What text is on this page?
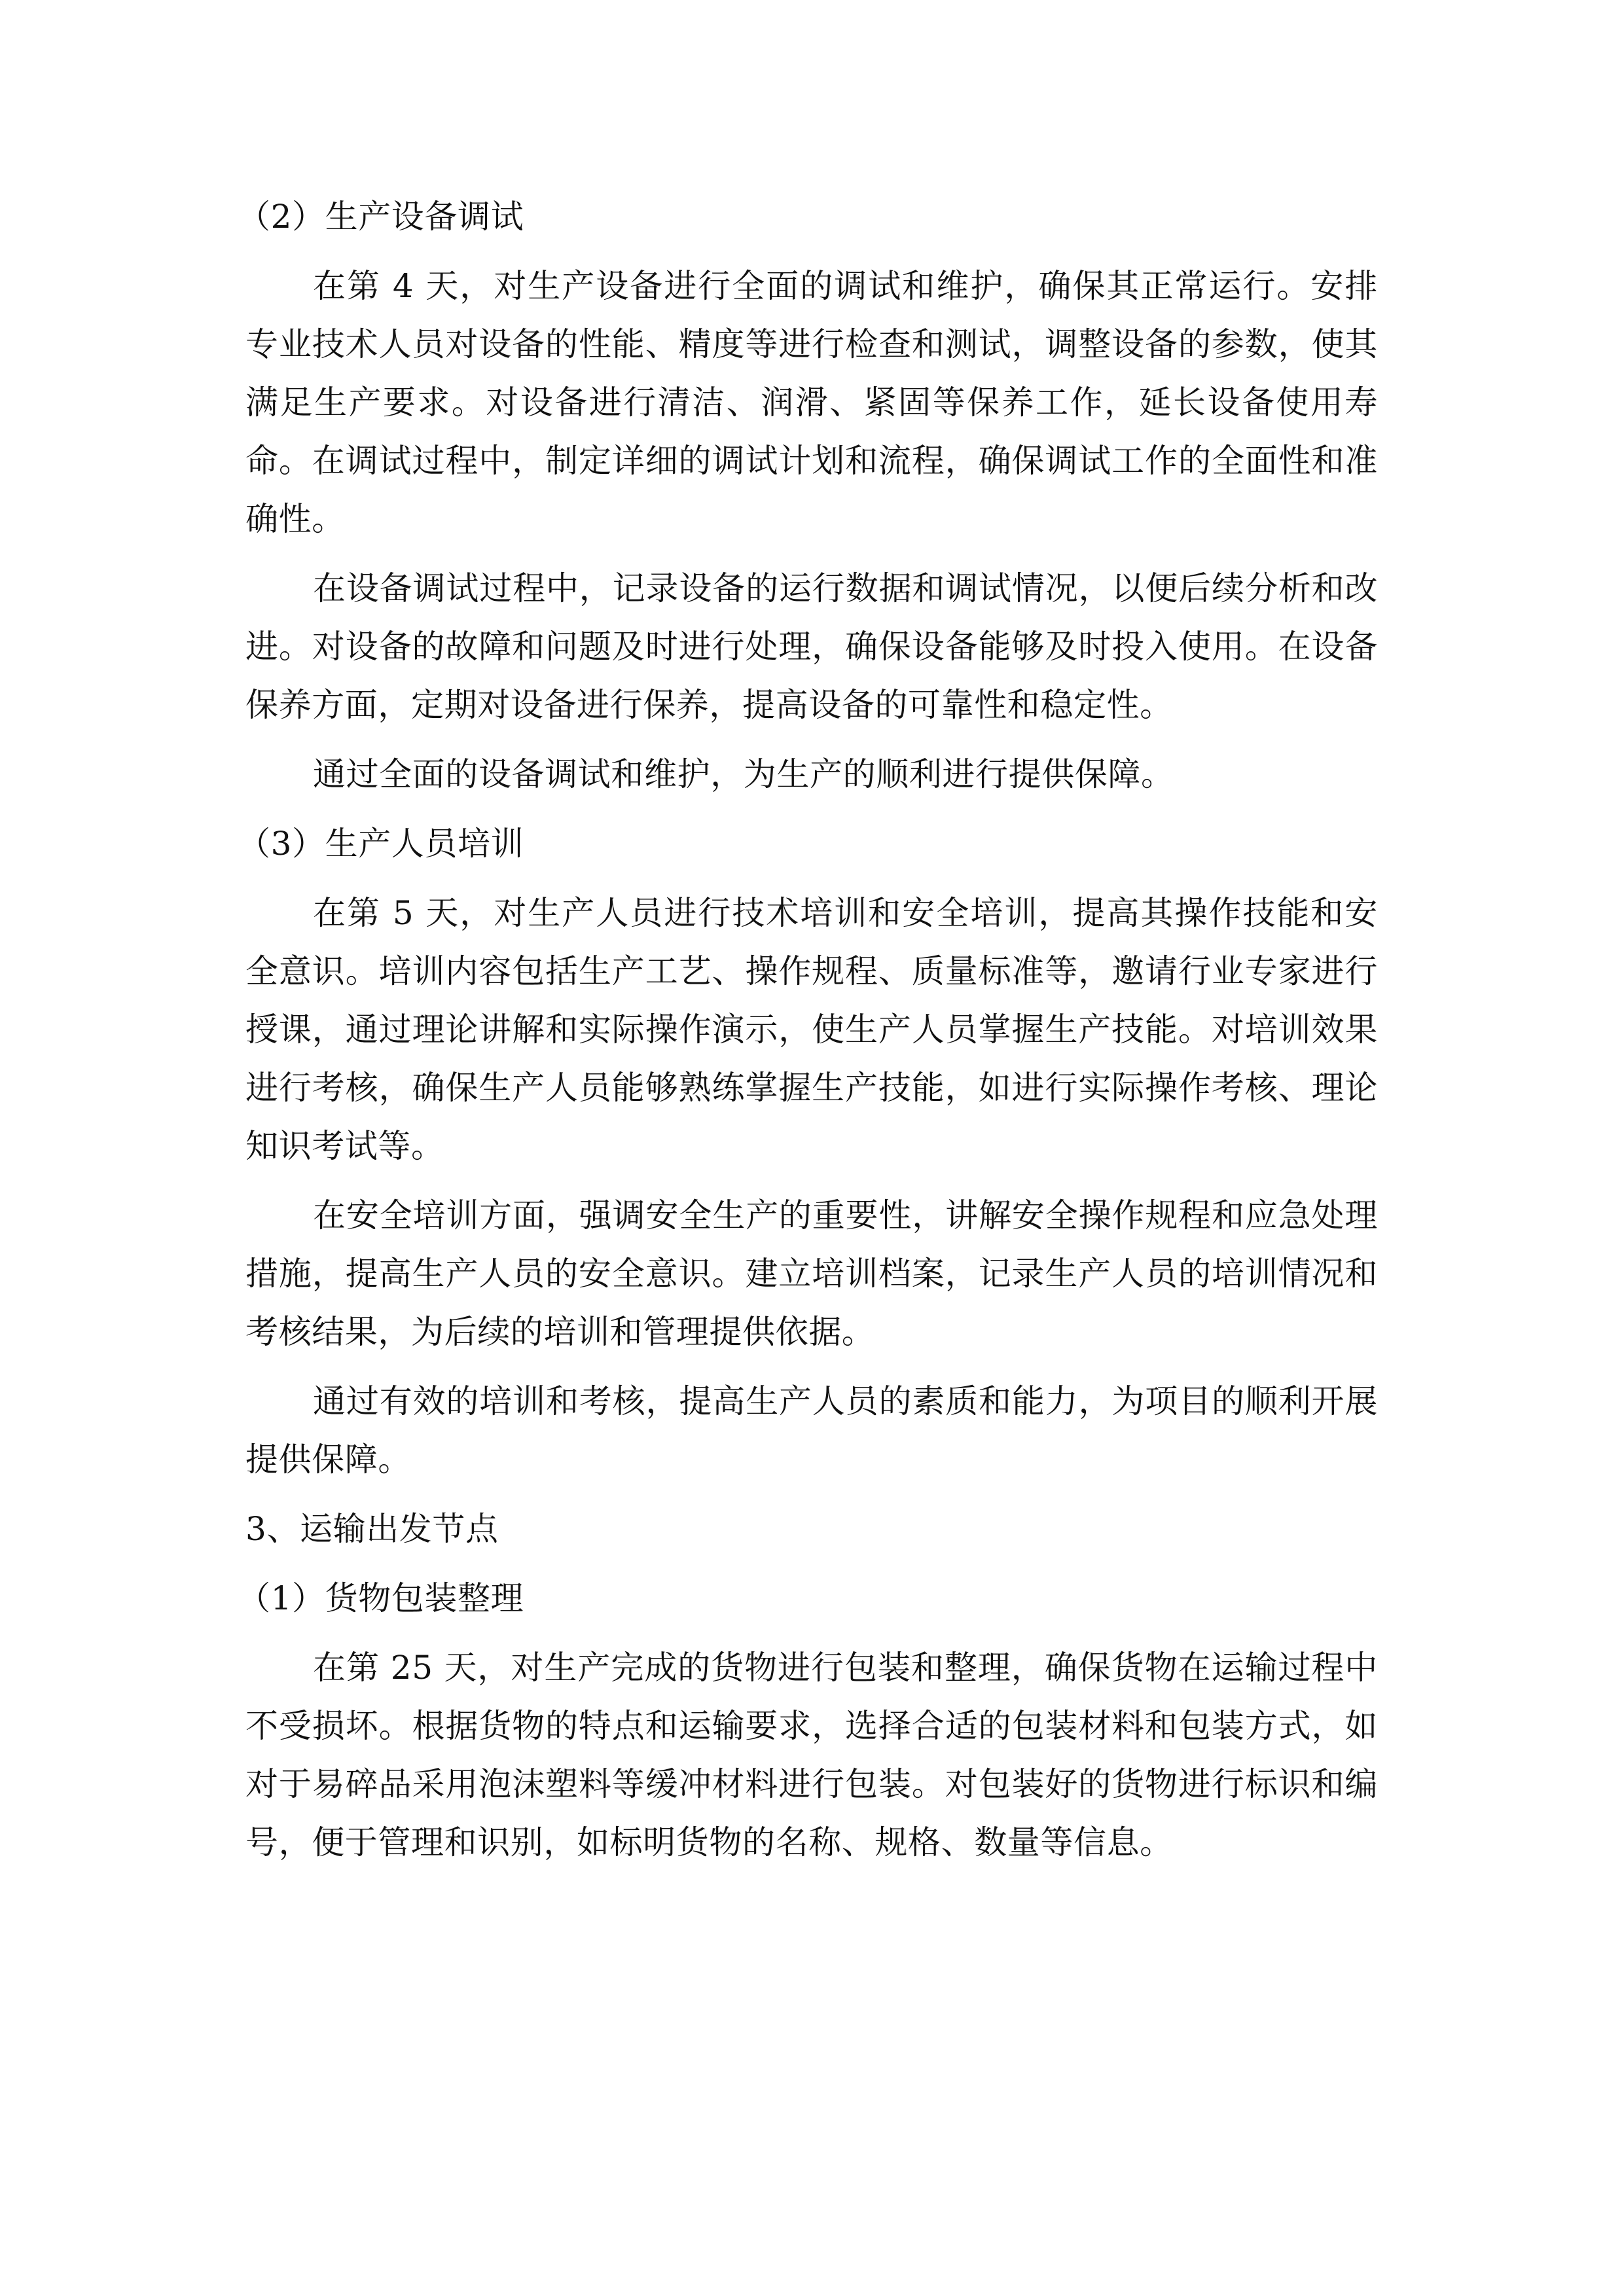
（2）生产设备调试

在第 4 天，对生产设备进行全面的调试和维护，确保其正常运行。安排专业技术人员对设备的性能、精度等进行检查和测试，调整设备的参数，使其满足生产要求。对设备进行清洁、润滑、紧固等保养工作，延长设备使用寿命。在调试过程中，制定详细的调试计划和流程，确保调试工作的全面性和准确性。

在设备调试过程中，记录设备的运行数据和调试情况，以便后续分析和改进。对设备的故障和问题及时进行处理，确保设备能够及时投入使用。在设备保养方面，定期对设备进行保养，提高设备的可靠性和稳定性。

通过全面的设备调试和维护，为生产的顺利进行提供保障。

（3）生产人员培训

在第 5 天，对生产人员进行技术培训和安全培训，提高其操作技能和安全意识。培训内容包括生产工艺、操作规程、质量标准等，邀请行业专家进行授课，通过理论讲解和实际操作演示，使生产人员掌握生产技能。对培训效果进行考核，确保生产人员能够熟练掌握生产技能，如进行实际操作考核、理论知识考试等。

在安全培训方面，强调安全生产的重要性，讲解安全操作规程和应急处理措施，提高生产人员的安全意识。建立培训档案，记录生产人员的培训情况和考核结果，为后续的培训和管理提供依据。

通过有效的培训和考核，提高生产人员的素质和能力，为项目的顺利开展提供保障。

3、运输出发节点
（1）货物包装整理

在第 25 天，对生产完成的货物进行包装和整理，确保货物在运输过程中不受损坏。根据货物的特点和运输要求，选择合适的包装材料和包装方式，如对于易碎品采用泡沫塑料等缓冲材料进行包装。对包装好的货物进行标识和编号，便于管理和识别，如标明货物的名称、规格、数量等信息。
